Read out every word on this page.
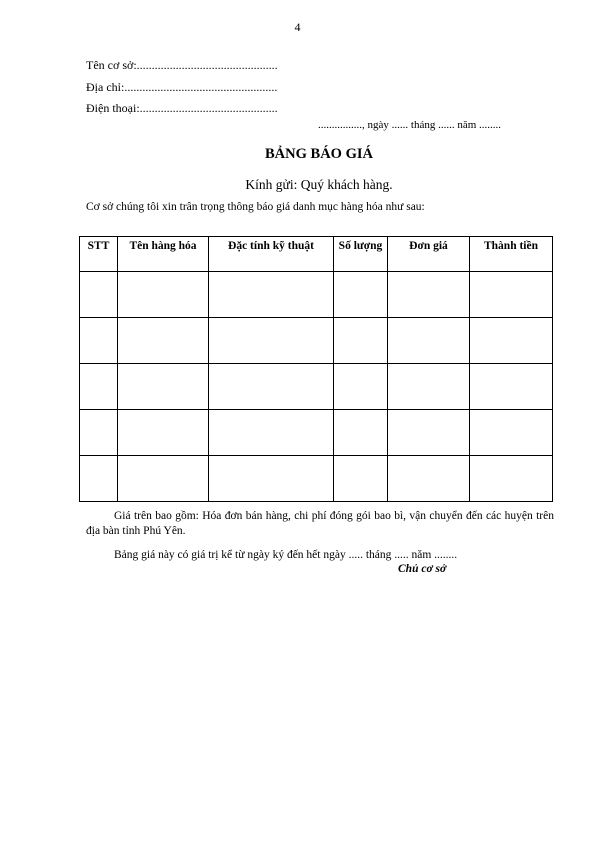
4
Tên cơ sở:...............................................
Địa chỉ:...................................................
Điện thoại:..............................................
................, ngày ...... tháng ...... năm ........
BẢNG BÁO GIÁ
Kính gửi: Quý khách hàng.
Cơ sở chúng tôi xin trân trọng thông báo giá danh mục hàng hóa như sau:
STT	Tên hàng hóa	Đặc tính kỹ thuật	Số lượng	Đơn giá	Thành tiền

Giá trên bao gồm: Hóa đơn bán hàng, chi phí đóng gói bao bì, vận chuyển đến các huyện trên địa bàn tỉnh Phú Yên.
Bảng giá này có giá trị kể từ ngày ký đến hết ngày ..... tháng ..... năm ........
Chủ cơ sở
